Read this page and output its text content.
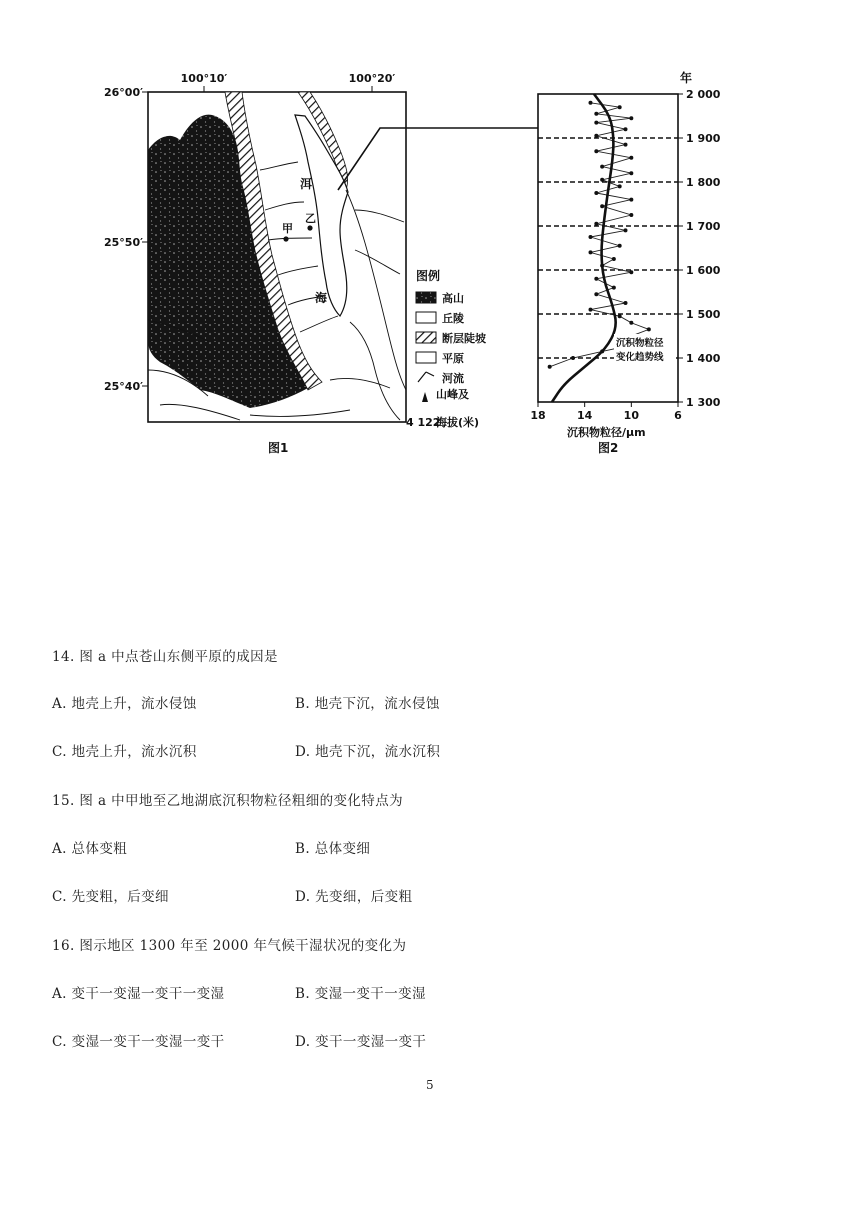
100°10′	100°20′
26°00′
25°50′
25°40′
洱
海
甲
乙
图例
高山
丘陵
断层陡坡
平原
河流
山峰及
4 122
海拔(米)
图1
2 000
1 900
1 800
1 700
1 600
1 500
1 400
1 300
18	14	10	6
年
沉积物粒径/μm
沉积物粒径
变化趋势线
图2
14. 图 a 中点苍山东侧平原的成因是
A. 地壳上升，流水侵蚀	B. 地壳下沉，流水侵蚀
C. 地壳上升，流水沉积	D. 地壳下沉，流水沉积
15. 图 a 中甲地至乙地湖底沉积物粒径粗细的变化特点为
A. 总体变粗	B. 总体变细
C. 先变粗，后变细	D. 先变细，后变粗
16. 图示地区 1300 年至 2000 年气候干湿状况的变化为
A. 变干一变湿一变干一变湿	B. 变湿一变干一变湿
C. 变湿一变干一变湿一变干	D. 变干一变湿一变干
5
